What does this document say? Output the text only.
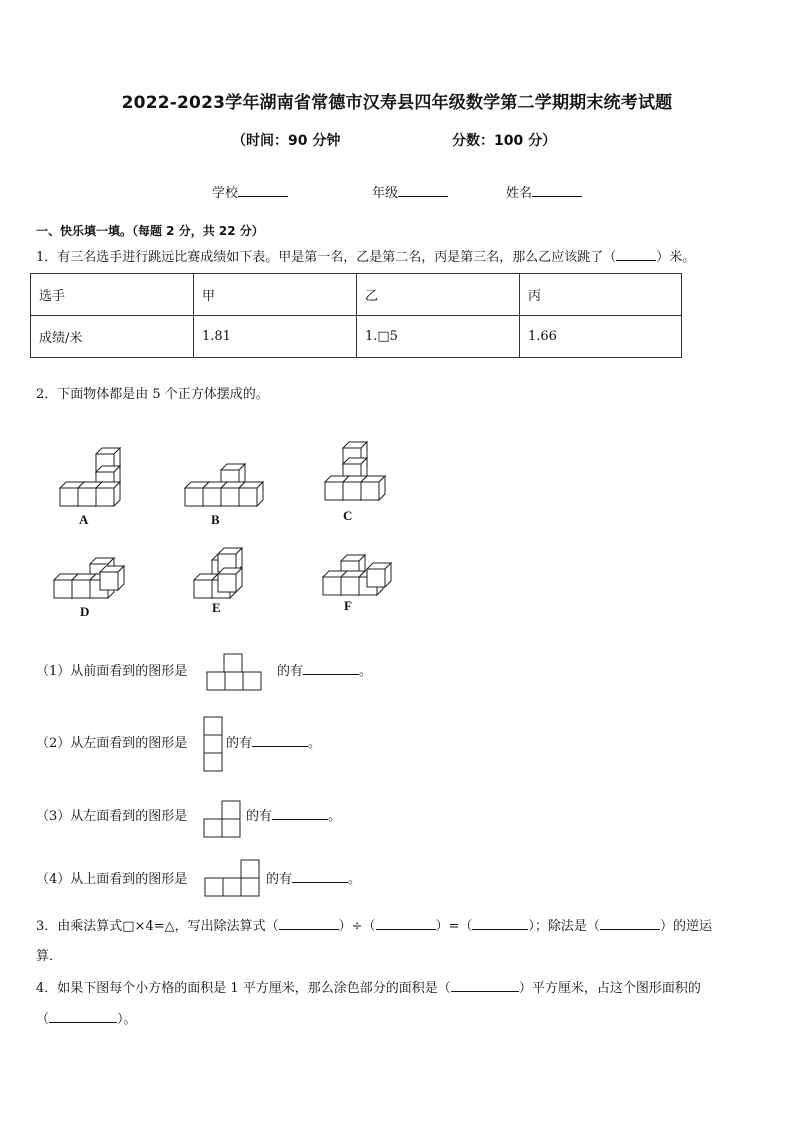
2022-2023学年湖南省常德市汉寿县四年级数学第二学期期末统考试题
（时间：90 分钟	分数：100 分）
学校	年级	姓名
一、快乐填一填。（每题 2 分，共 22 分）
1．有三名选手进行跳远比赛成绩如下表。甲是第一名，乙是第二名，丙是第三名，那么乙应该跳了（	）米。
选手	甲	乙	丙
成绩/米	1.81	1.□5	1.66
2．下面物体都是由 5 个正方体摆成的。
A	B	C
D	E	F
（1）从前面看到的图形是	的有	。
（2）从左面看到的图形是	的有	。
（3）从左面看到的图形是	的有	。
（4）从上面看到的图形是	的有	。
3．由乘法算式□×4=△，写出除法算式（	）÷（	）=（	）；除法是（	）的逆运
算．
4．如果下图每个小方格的面积是 1 平方厘米，那么涂色部分的面积是（	）平方厘米，占这个图形面积的
（	）。
